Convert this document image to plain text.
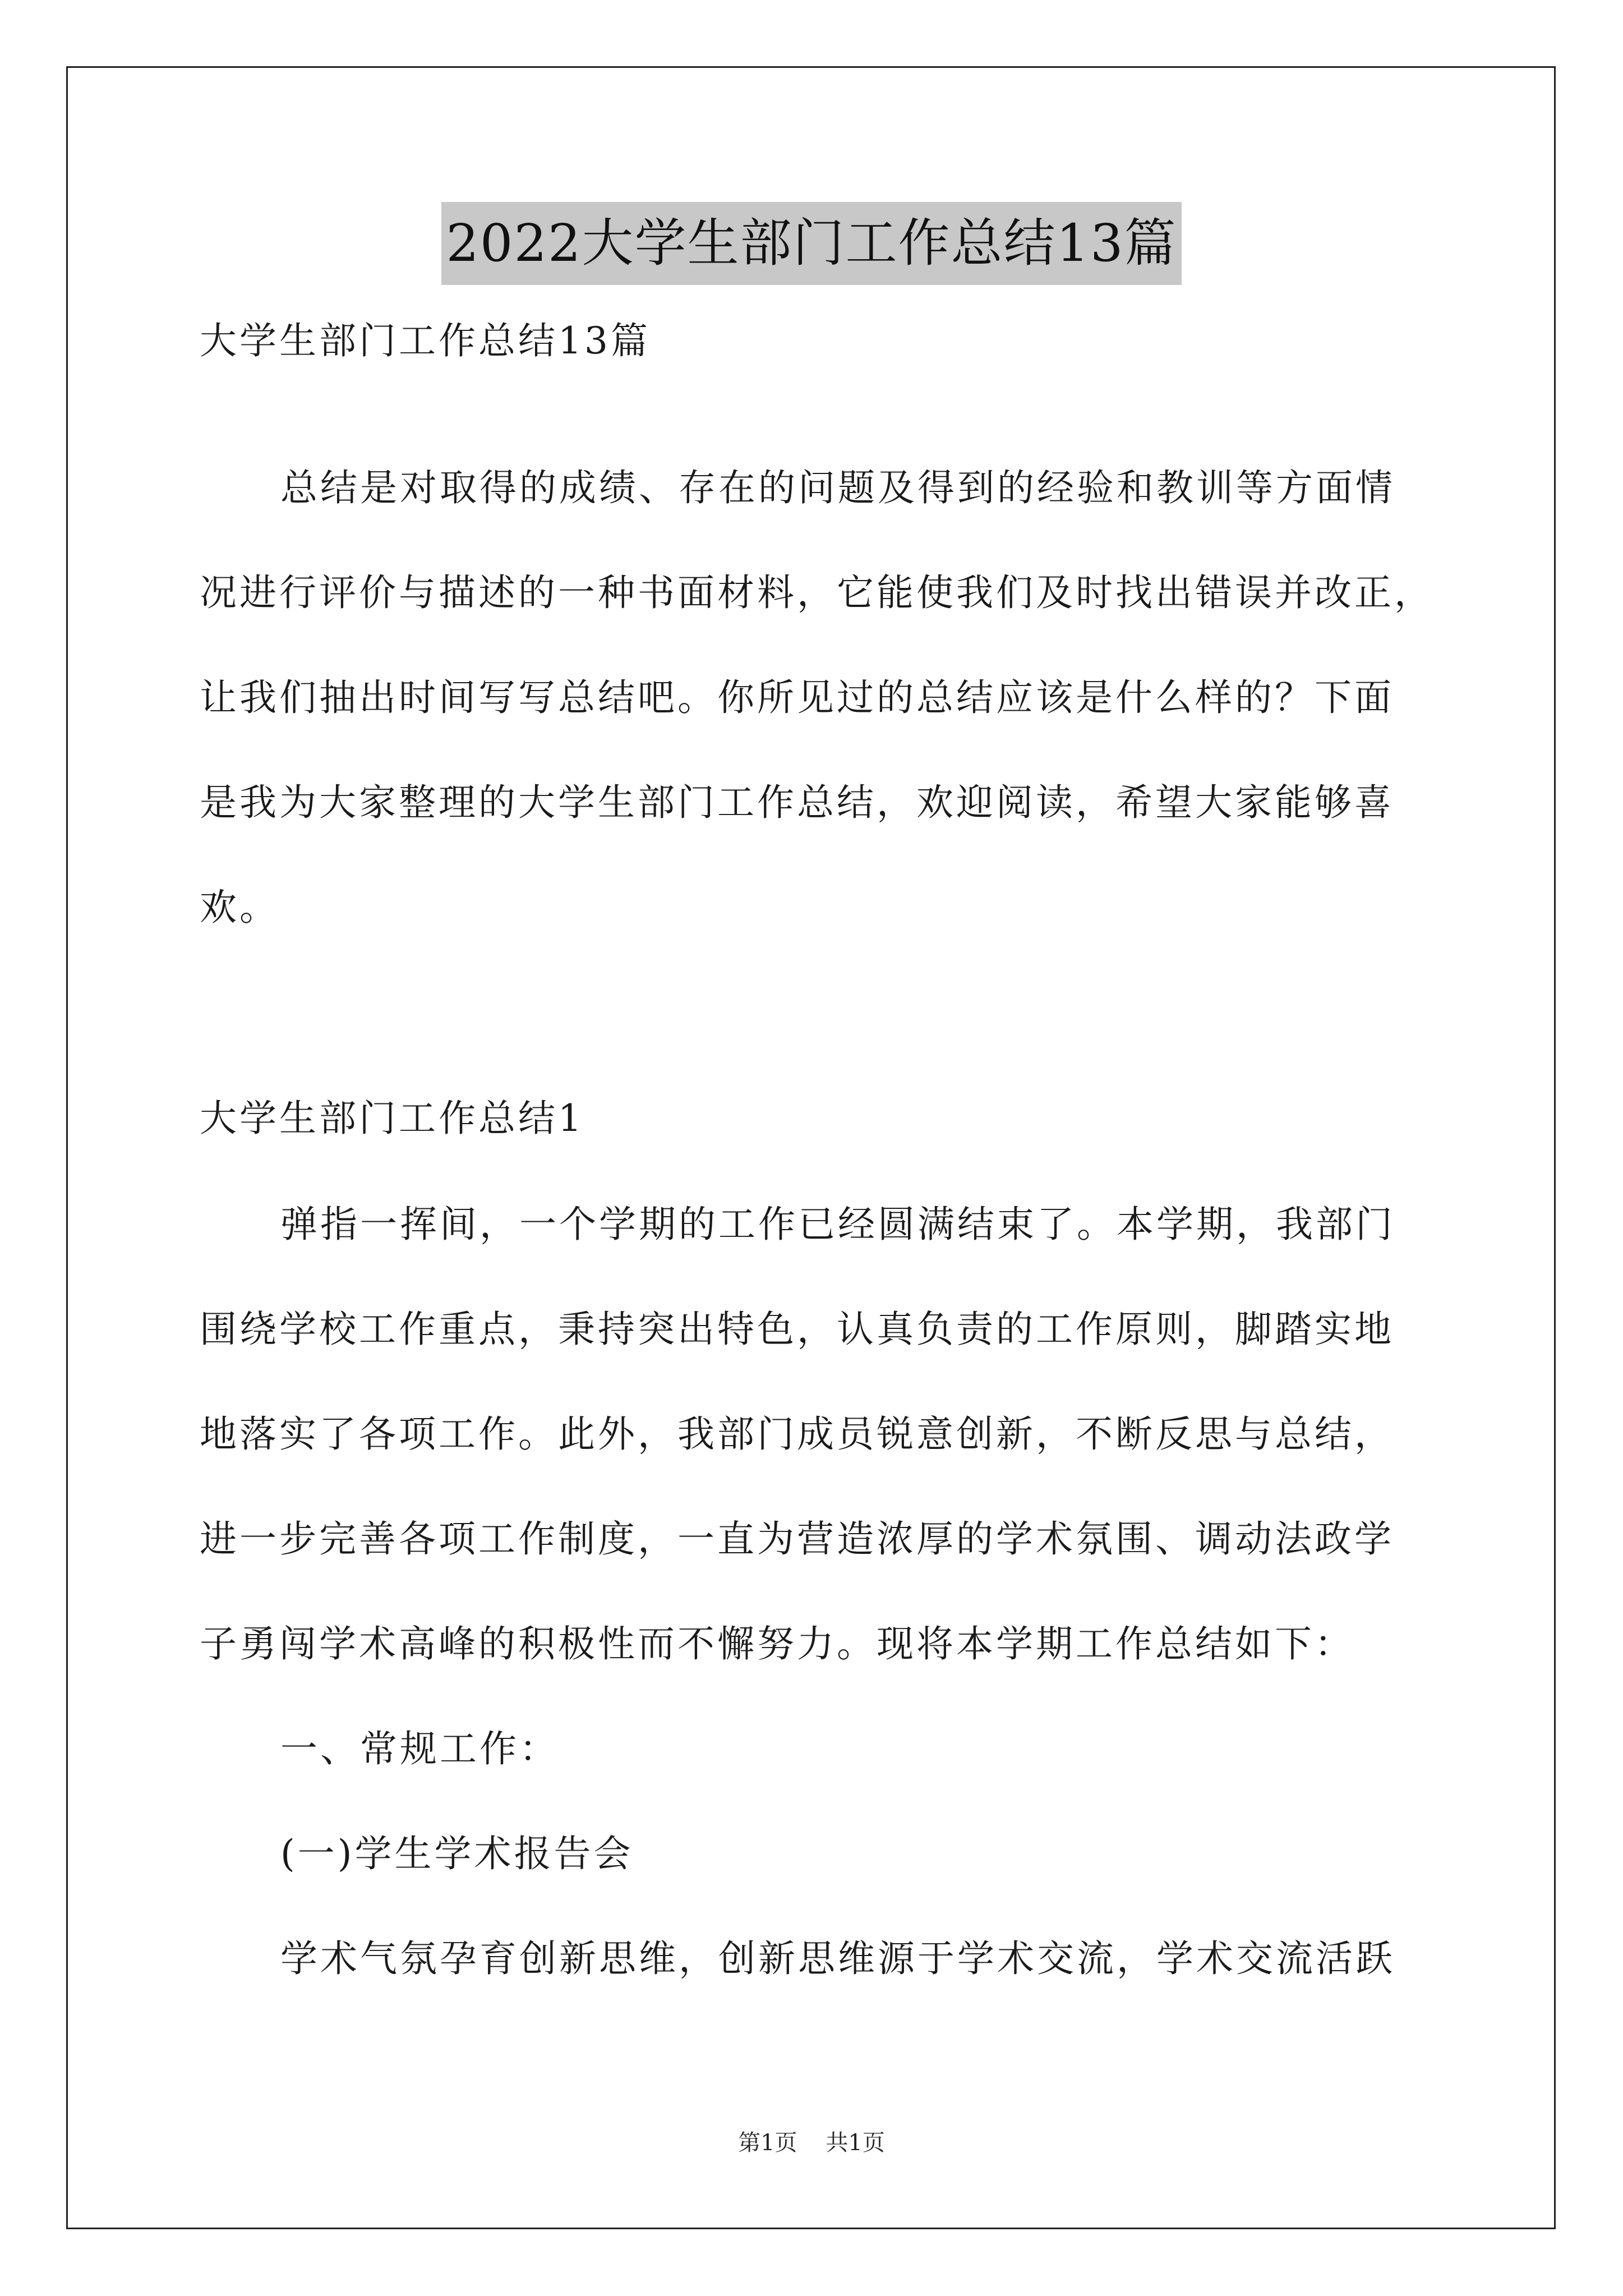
2022大学生部门工作总结13篇
大学生部门工作总结13篇
总结是对取得的成绩、存在的问题及得到的经验和教训等方面情
况进行评价与描述的一种书面材料，它能使我们及时找出错误并改正，
让我们抽出时间写写总结吧。你所见过的总结应该是什么样的？下面
是我为大家整理的大学生部门工作总结，欢迎阅读，希望大家能够喜
欢。
大学生部门工作总结1
弹指一挥间，一个学期的工作已经圆满结束了。本学期，我部门
围绕学校工作重点，秉持突出特色，认真负责的工作原则，脚踏实地
地落实了各项工作。此外，我部门成员锐意创新，不断反思与总结，
进一步完善各项工作制度，一直为营造浓厚的学术氛围、调动法政学
子勇闯学术高峰的积极性而不懈努力。现将本学期工作总结如下：
一、常规工作：
(一)学生学术报告会
学术气氛孕育创新思维，创新思维源于学术交流，学术交流活跃
第1页    共1页
